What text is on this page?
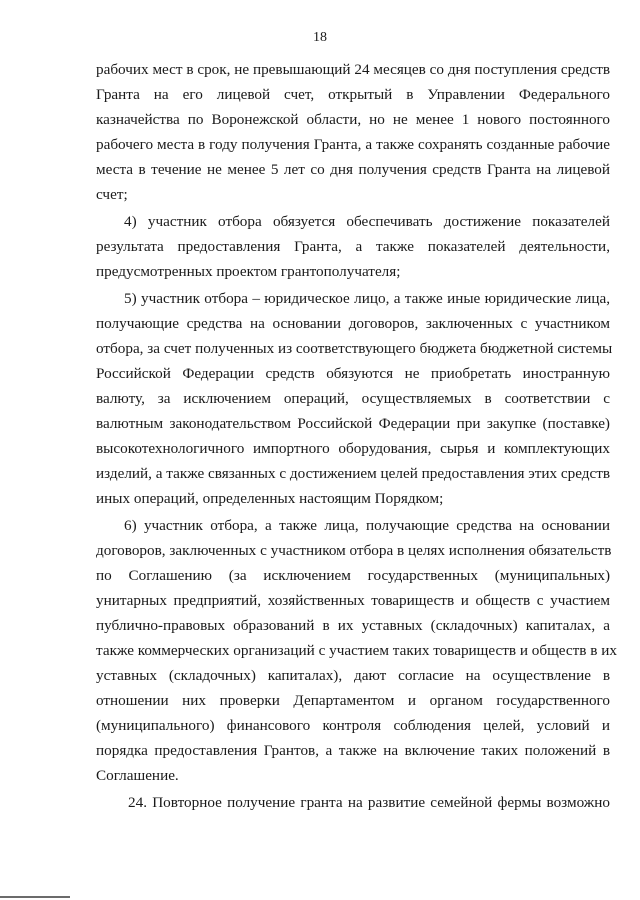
18
рабочих мест в срок, не превышающий 24 месяцев со дня поступления средств
Гранта на его лицевой счет, открытый в Управлении Федерального
казначейства по Воронежской области, но не менее 1 нового постоянного
рабочего места в году получения Гранта, а также сохранять созданные рабочие
места в течение не менее 5 лет со дня получения средств Гранта на лицевой
счет;
4) участник отбора обязуется обеспечивать достижение показателей
результата предоставления Гранта, а также показателей деятельности,
предусмотренных проектом грантополучателя;
5) участник отбора – юридическое лицо, а также иные юридические лица,
получающие средства на основании договоров, заключенных с участником
отбора, за счет полученных из соответствующего бюджета бюджетной системы
Российской Федерации средств обязуются не приобретать иностранную
валюту, за исключением операций, осуществляемых в соответствии с
валютным законодательством Российской Федерации при закупке (поставке)
высокотехнологичного импортного оборудования, сырья и комплектующих
изделий, а также связанных с достижением целей предоставления этих средств
иных операций, определенных настоящим Порядком;
6) участник отбора, а также лица, получающие средства на основании
договоров, заключенных с участником отбора в целях исполнения обязательств
по Соглашению (за исключением государственных (муниципальных)
унитарных предприятий, хозяйственных товариществ и обществ с участием
публично-правовых образований в их уставных (складочных) капиталах, а
также коммерческих организаций с участием таких товариществ и обществ в их
уставных (складочных) капиталах), дают согласие на осуществление в
отношении них проверки Департаментом и органом государственного
(муниципального) финансового контроля соблюдения целей, условий и
порядка предоставления Грантов, а также на включение таких положений в
Соглашение.
24. Повторное получение гранта на развитие семейной фермы возможно
